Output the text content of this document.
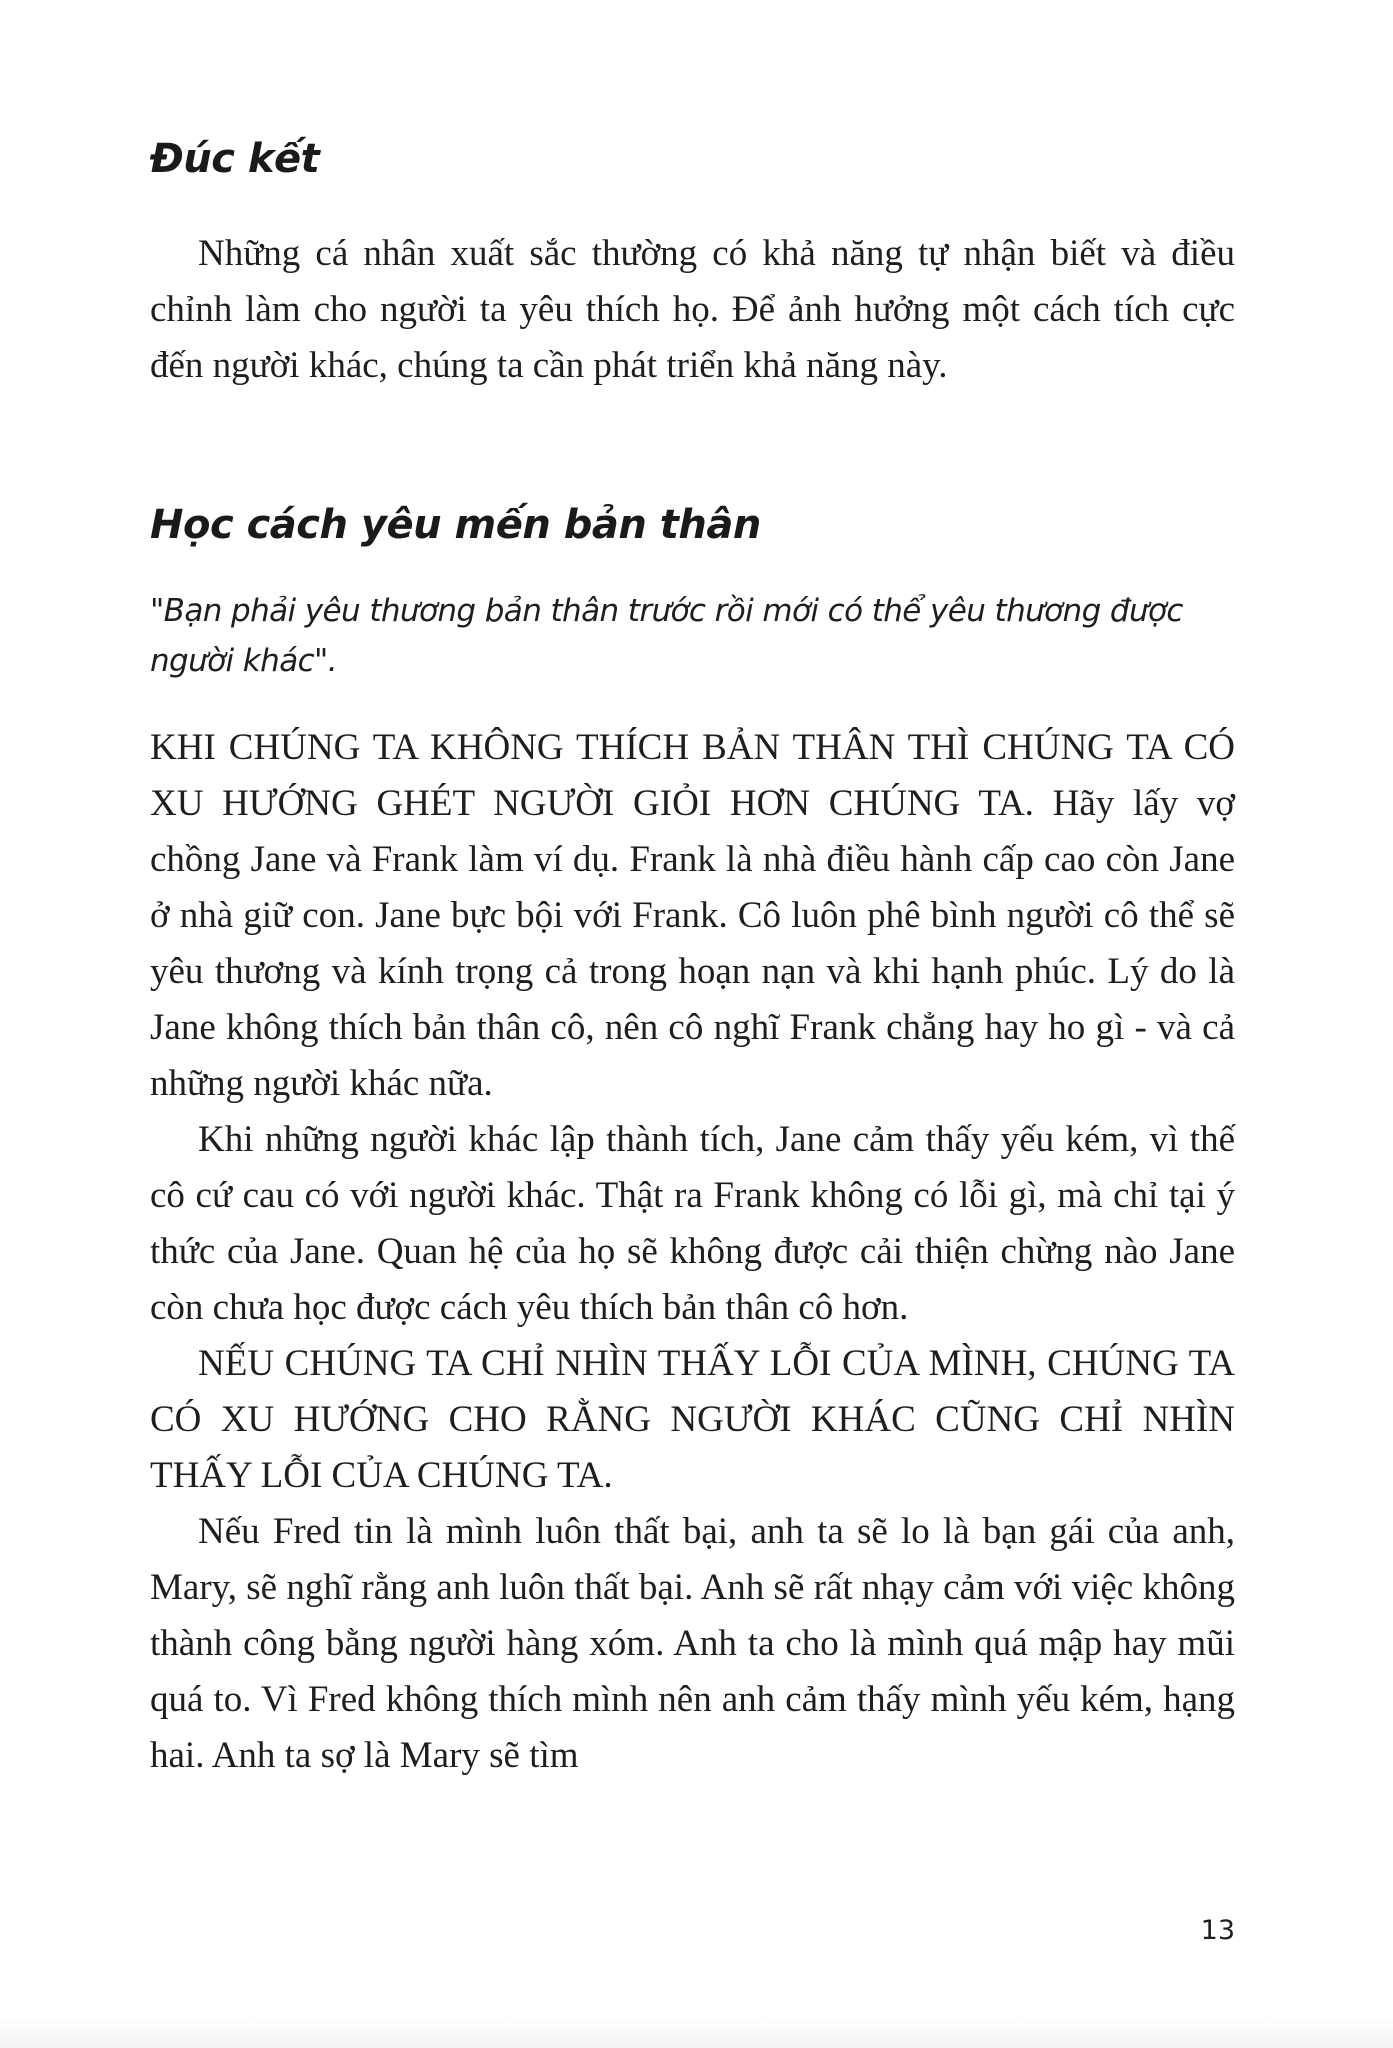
Đúc kết

Những cá nhân xuất sắc thường có khả năng tự nhận biết và điều chỉnh làm cho người ta yêu thích họ. Để ảnh hưởng một cách tích cực đến người khác, chúng ta cần phát triển khả năng này.

Học cách yêu mến bản thân
"Bạn phải yêu thương bản thân trước rồi mới có thể yêu thương được người khác".

KHI CHÚNG TA KHÔNG THÍCH BẢN THÂN THÌ CHÚNG TA CÓ XU HƯỚNG GHÉT NGƯỜI GIỎI HƠN CHÚNG TA. Hãy lấy vợ chồng Jane và Frank làm ví dụ. Frank là nhà điều hành cấp cao còn Jane ở nhà giữ con. Jane bực bội với Frank. Cô luôn phê bình người cô thể sẽ yêu thương và kính trọng cả trong hoạn nạn và khi hạnh phúc. Lý do là Jane không thích bản thân cô, nên cô nghĩ Frank chẳng hay ho gì - và cả những người khác nữa.

Khi những người khác lập thành tích, Jane cảm thấy yếu kém, vì thế cô cứ cau có với người khác. Thật ra Frank không có lỗi gì, mà chỉ tại ý thức của Jane. Quan hệ của họ sẽ không được cải thiện chừng nào Jane còn chưa học được cách yêu thích bản thân cô hơn.

NẾU CHÚNG TA CHỈ NHÌN THẤY LỖI CỦA MÌNH, CHÚNG TA CÓ XU HƯỚNG CHO RẰNG NGƯỜI KHÁC CŨNG CHỈ NHÌN THẤY LỖI CỦA CHÚNG TA.

Nếu Fred tin là mình luôn thất bại, anh ta sẽ lo là bạn gái của anh, Mary, sẽ nghĩ rằng anh luôn thất bại. Anh sẽ rất nhạy cảm với việc không thành công bằng người hàng xóm. Anh ta cho là mình quá mập hay mũi quá to. Vì Fred không thích mình nên anh cảm thấy mình yếu kém, hạng hai. Anh ta sợ là Mary sẽ tìm

13
